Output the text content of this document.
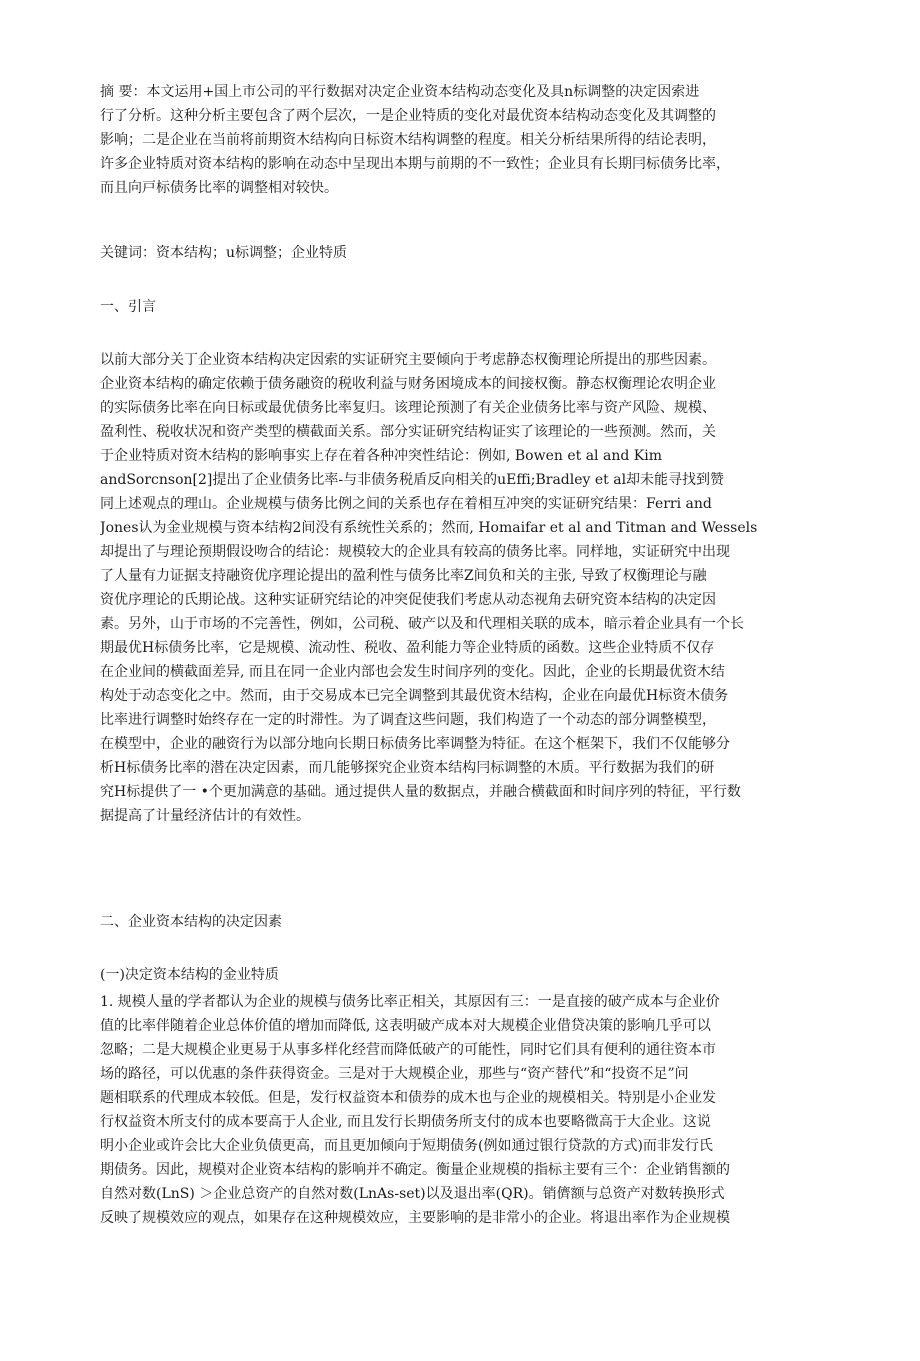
摘 要：本文运用+国上市公司的平行数据对决定企业资本结构动态变化及具n标调整的决定因索进
行了分析。这种分析主要包含了两个层次，一是企业特质的变化对最优资本结构动态变化及其调整的
影响；二是企业在当前将前期资木结构向日标资木结构调整的程度。相关分析结果所得的结论表明，
许多企业特质对资本结构的影响在动态中呈现出本期与前期的不一致性；企业貝有长期冃标债务比率，
而且向戸标债务比率的调整相对较快。
关键词：资本结构；u标调整；企业特质
一、引言
以前大部分关丁企业资本结构决定因索的实证研究主要倾向于考虑静态权衡理论所提出的那些因素。
企业资本结构的确定依赖于债务融资的税收利益与财务困境成本的间接权衡。静态权衡理论农明企业
的实际债务比率在向日标或最优债务比率复归。该理论预测了有关企业债务比率与资产风险、规模、
盈利性、税收状况和资产类型的横截面关系。部分实证研究结构证实了该理论的一些预测。然而，关
于企业特质对资木结构的影响事实上存在着各种冲突性结论：例如, Bowen et al and Kim
andSorcnson[2]提出了企业债务比率-与非债务税盾反向相关的uEffi;Bradley et al却未能寻找到赞
同上述观点的理山。企业规模与债务比例之间的关系也存在着相互冲突的实证研究结果：Ferri and
Jones认为金业规模与资本结构2间没有系统性关系的；然而, Homaifar et al and Titman and Wessels
却提出了与理论预期假设吻合的结论：规模较大的企业具有较高的债务比率。同样地，实证研究中出现
了人量有力证据支持融资优序理论提出的盈利性与债务比率Z间负和关的主张, 导致了权衡理论与融
资优序理论的氏期论战。这种实证研究结论的冲突促使我们考虑从动态视角去研究资本结构的决定因
素。另外，山于市场的不完善性，例如，公司税、破产以及和代理相关联的成本，暗示着企业具有一个长
期最优H标债务比率，它是规模、流动性、税收、盈利能力等企业特质的函数。这些企业特质不仅存
在企业间的横截面差异, 而且在同一企业内部也会发生时间序列的变化。因此，企业的长期最优资木结
构处于动态变化之中。然而，由于交易成本已完全调整到其最优资木结构，企业在向最优H标资木债务
比率进行调整时始终存在一定的时滞性。为了调査这些问题，我们构造了一个动态的部分调整模型，
在模型中，企业的融资行为以部分地向长期日标债务比率调整为特征。在这个框架下，我们不仅能够分
析H标债务比率的潜在决定因素，而几能够探究企业资本结构冃标调整的木质。平行数据为我们的研
究H标提供了一 •个更加满意的基础。通过提供人量的数据点，并融合横截面和时间序列的特征，平行数
据提高了计量经济估计的有效性。
二、企业资本结构的决定因素
(一)决定资本结构的金业特质
1. 规模人量的学者都认为企业的规模与债务比率正相关，其原因有三：一是直接的破产成本与企业价
值的比率伴随着企业总体价值的增加而降低, 这表明破产成本对大规模企业借贷决策的影响几乎可以
忽略；二是大规模企业更易于从事多样化经营而降低破产的可能性，同时它们具有便利的通往资本市
场的路径，可以优惠的条件获得资金。三是对于大规模企业，那些与“资产替代”和“投资不足”问
题相联系的代理成本较低。但是，发行权益资本和债券的成木也与企业的规模相关。特别是小企业发
行权益资木所支付的成本要高于人企业, 而且发行长期债务所支付的成本也要略微高于大企业。这说
明小企业或许会比大企业负债更高，而且更加倾向于短期债务(例如通过银行贷款的方式)而非发行氏
期债务。因此，规模对企业资本结构的影响并不确定。衡量企业规模的指标主要有三个：企业销售额的
自然对数(LnS) ＞企业总资产的自然对数(LnAs-set)以及退出率(QR)。销儕额与总资产对数转换形式
反映了规模效应的观点，如果存在这种规模效应，主要影响的是非常小的企业。将退出率作为企业规模
